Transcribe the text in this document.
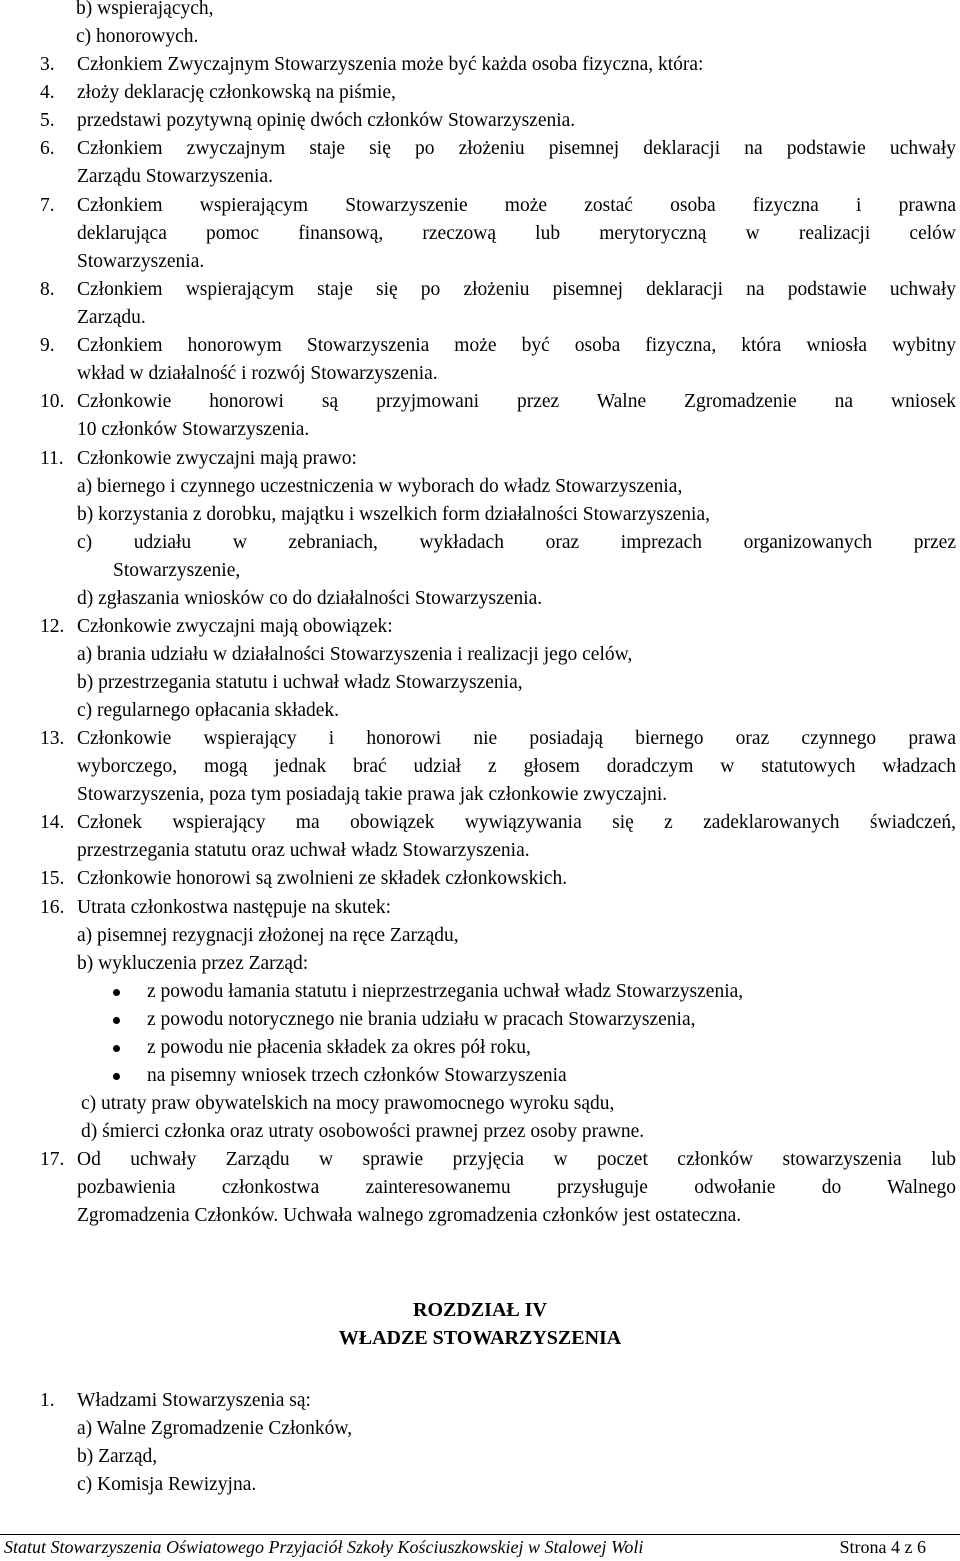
b) wspierających,
c) honorowych.
3. Członkiem Zwyczajnym Stowarzyszenia może być każda osoba fizyczna, która:
4. złoży deklarację członkowską na piśmie,
5. przedstawi pozytywną opinię dwóch członków Stowarzyszenia.
6. Członkiem zwyczajnym staje się po złożeniu pisemnej deklaracji na podstawie uchwały
Zarządu Stowarzyszenia.
7. Członkiem wspierającym Stowarzyszenie może zostać osoba fizyczna i prawna
deklarująca pomoc finansową, rzeczową lub merytoryczną w realizacji celów
Stowarzyszenia.
8. Członkiem wspierającym staje się po złożeniu pisemnej deklaracji na podstawie uchwały
Zarządu.
9. Członkiem honorowym Stowarzyszenia może być osoba fizyczna, która wniosła wybitny
wkład w działalność i rozwój Stowarzyszenia.
10. Członkowie honorowi są przyjmowani przez Walne Zgromadzenie na wniosek
10 członków Stowarzyszenia.
11. Członkowie zwyczajni mają prawo:
a) biernego i czynnego uczestniczenia w wyborach do władz Stowarzyszenia,
b) korzystania z dorobku, majątku i wszelkich form działalności Stowarzyszenia,
c) udziału w zebraniach, wykładach oraz imprezach organizowanych przez
Stowarzyszenie,
d) zgłaszania wniosków co do działalności Stowarzyszenia.
12. Członkowie zwyczajni mają obowiązek:
a) brania udziału w działalności Stowarzyszenia i realizacji jego celów,
b) przestrzegania statutu i uchwał władz Stowarzyszenia,
c) regularnego opłacania składek.
13. Członkowie wspierający i honorowi nie posiadają biernego oraz czynnego prawa
wyborczego, mogą jednak brać udział z głosem doradczym w statutowych władzach
Stowarzyszenia, poza tym posiadają takie prawa jak członkowie zwyczajni.
14. Członek wspierający ma obowiązek wywiązywania się z zadeklarowanych świadczeń,
przestrzegania statutu oraz uchwał władz Stowarzyszenia.
15. Członkowie honorowi są zwolnieni ze składek członkowskich.
16. Utrata członkostwa następuje na skutek:
a) pisemnej rezygnacji złożonej na ręce Zarządu,
b) wykluczenia przez Zarząd:
z powodu łamania statutu i nieprzestrzegania uchwał władz Stowarzyszenia,
z powodu notorycznego nie brania udziału w pracach Stowarzyszenia,
z powodu nie płacenia składek za okres pół roku,
na pisemny wniosek trzech członków Stowarzyszenia
c) utraty praw obywatelskich na mocy prawomocnego wyroku sądu,
d) śmierci członka oraz utraty osobowości prawnej przez osoby prawne.
17. Od uchwały Zarządu w sprawie przyjęcia w poczet członków stowarzyszenia lub
pozbawienia członkostwa zainteresowanemu przysługuje odwołanie do Walnego
Zgromadzenia Członków. Uchwała walnego zgromadzenia członków jest ostateczna.
ROZDZIAŁ IV
WŁADZE STOWARZYSZENIA
1. Władzami Stowarzyszenia są:
a) Walne Zgromadzenie Członków,
b) Zarząd,
c) Komisja Rewizyjna.
Statut Stowarzyszenia Oświatowego Przyjaciół Szkoły Kościuszkowskiej w Stalowej Woli	Strona 4 z 6
